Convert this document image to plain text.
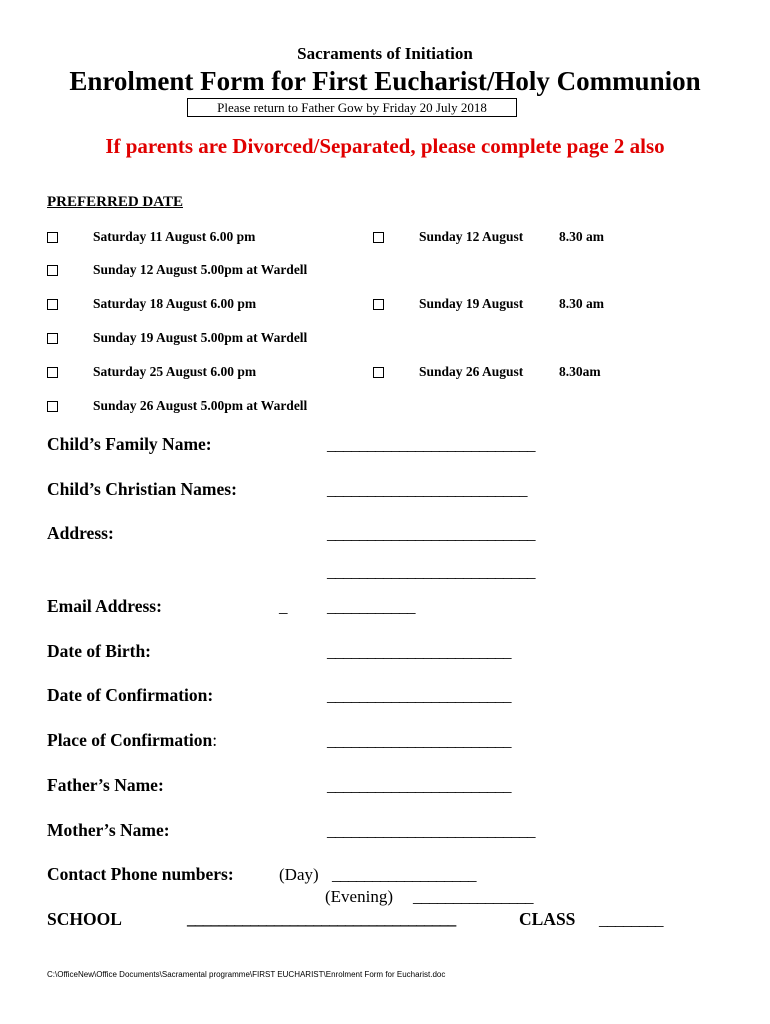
Sacraments of Initiation
Enrolment Form for First Eucharist/Holy Communion
Please return to Father Gow by Friday 20 July 2018
If parents are Divorced/Separated, please complete page 2 also
PREFERRED DATE
Saturday 11 August 6.00 pm	Sunday 12 August	8.30 am
Sunday 12 August 5.00pm at Wardell
Saturday 18 August 6.00 pm	Sunday 19 August	8.30 am
Sunday 19 August 5.00pm at Wardell
Saturday 25 August 6.00 pm	Sunday 26 August	8.30am
Sunday 26 August 5.00pm at Wardell
Child’s Family Name:	__________________________
Child’s Christian Names:	_________________________
Address:	__________________________
__________________________
Email Address:	_ ___________
Date of Birth:	_______________________
Date of Confirmation:	_______________________
Place of Confirmation:	_______________________
Father’s Name:	_______________________
Mother’s Name:	__________________________
Contact Phone numbers:	(Day) __________________
(Evening) _______________
SCHOOL	__________________________________	CLASS ________
C:\OfficeNew\Office Documents\Sacramental programme\FIRST EUCHARIST\Enrolment Form for Eucharist.doc
